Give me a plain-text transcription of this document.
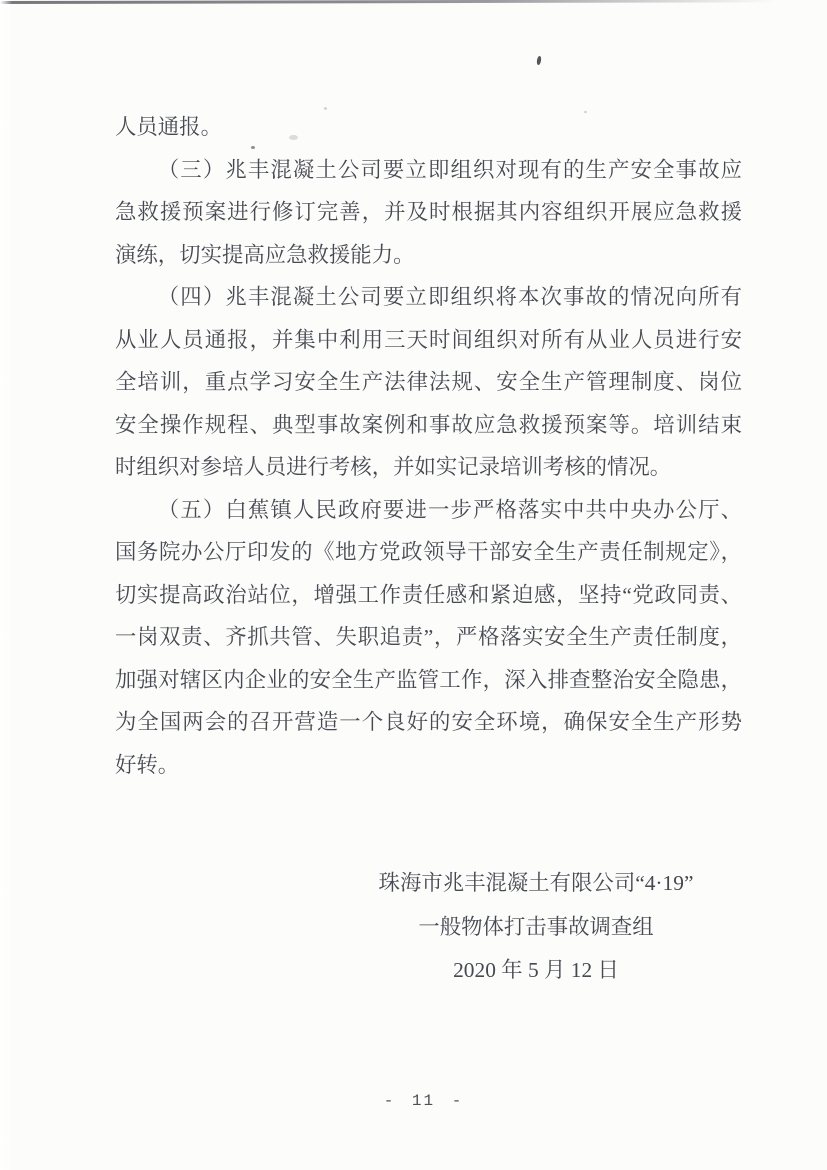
人员通报。
（三）兆丰混凝土公司要立即组织对现有的生产安全事故应
急救援预案进行修订完善，并及时根据其内容组织开展应急救援
演练，切实提高应急救援能力。
（四）兆丰混凝土公司要立即组织将本次事故的情况向所有
从业人员通报，并集中利用三天时间组织对所有从业人员进行安
全培训，重点学习安全生产法律法规、安全生产管理制度、岗位
安全操作规程、典型事故案例和事故应急救援预案等。培训结束
时组织对参培人员进行考核，并如实记录培训考核的情况。
（五）白蕉镇人民政府要进一步严格落实中共中央办公厅、
国务院办公厅印发的《地方党政领导干部安全生产责任制规定》，
切实提高政治站位，增强工作责任感和紧迫感，坚持“党政同责、
一岗双责、齐抓共管、失职追责”，严格落实安全生产责任制度，
加强对辖区内企业的安全生产监管工作，深入排查整治安全隐患，
为全国两会的召开营造一个良好的安全环境，确保安全生产形势
好转。
珠海市兆丰混凝土有限公司“4·19”
一般物体打击事故调查组
2020 年 5 月 12 日
- 11 -
